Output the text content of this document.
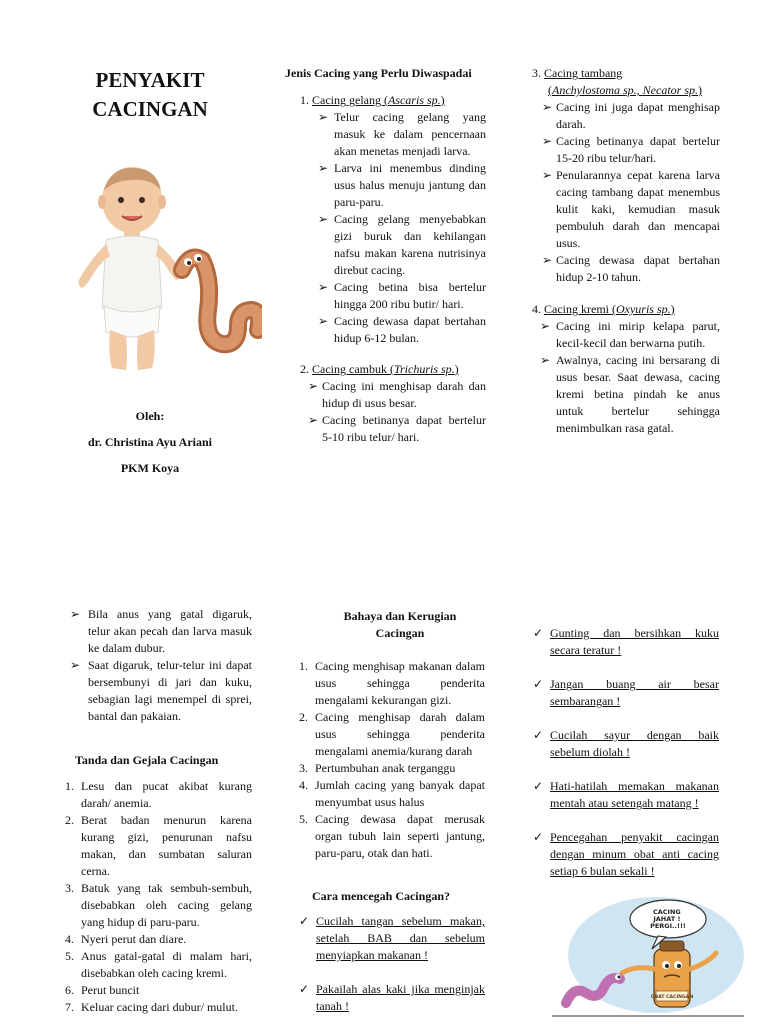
PENYAKIT
CACINGAN
Oleh:
dr. Christina Ayu Ariani
PKM Koya
Jenis Cacing yang Perlu Diwaspadai
1. Cacing gelang (Ascaris sp.)
➢ Telur cacing gelang yang masuk ke dalam pencernaan akan menetas menjadi larva.

➢ Larva ini menembus dinding usus halus menuju jantung dan paru-paru.

➢ Cacing gelang menyebabkan gizi buruk dan kehilangan nafsu makan karena nutrisinya direbut cacing.

➢ Cacing betina bisa bertelur hingga 200 ribu butir/ hari.

➢ Cacing dewasa dapat bertahan hidup 6-12 bulan.

2. Cacing cambuk (Trichuris sp.)
➢ Cacing ini menghisap darah dan hidup di usus besar.

➢ Cacing betinanya dapat bertelur 5-10 ribu telur/ hari.

3. Cacing tambang
(Anchylostoma sp., Necator sp.)
➢ Cacing ini juga dapat menghisap darah.

➢ Cacing betinanya dapat bertelur 15-20 ribu telur/hari.

➢ Penularannya cepat karena larva cacing tambang dapat menembus kulit kaki, kemudian masuk pembuluh darah dan mencapai usus.

➢ Cacing dewasa dapat bertahan hidup 2-10 tahun.

4. Cacing kremi (Oxyuris sp.)
➢ Cacing ini mirip kelapa parut, kecil-kecil dan berwarna putih.

➢ Awalnya, cacing ini bersarang di usus besar. Saat dewasa, cacing kremi betina pindah ke anus untuk bertelur sehingga menimbulkan rasa gatal.

➢ Bila anus yang gatal digaruk, telur akan pecah dan larva masuk ke dalam dubur.

➢ Saat digaruk, telur-telur ini dapat bersembunyi di jari dan kuku, sebagian lagi menempel di sprei, bantal dan pakaian.

Tanda dan Gejala Cacingan
1. Lesu dan pucat akibat kurang darah/ anemia.

2. Berat badan menurun karena kurang gizi, penurunan nafsu makan, dan sumbatan saluran cerna.

3. Batuk yang tak sembuh-sembuh, disebabkan oleh cacing gelang yang hidup di paru-paru.

4. Nyeri perut dan diare.

5. Anus gatal-gatal di malam hari, disebabkan oleh cacing kremi.

6. Perut buncit

7. Keluar cacing dari dubur/ mulut.

Bahaya dan Kerugian
Cacingan
1. Cacing menghisap makanan dalam usus sehingga penderita mengalami kekurangan gizi.

2. Cacing menghisap darah dalam usus sehingga penderita mengalami anemia/kurang darah

3. Pertumbuhan anak terganggu

4. Jumlah cacing yang banyak dapat menyumbat usus halus

5. Cacing dewasa dapat merusak organ tubuh lain seperti jantung, paru-paru, otak dan hati.

Cara mencegah Cacingan?
✓ Cucilah tangan sebelum makan, setelah BAB dan sebelum menyiapkan makanan !

✓ Pakailah alas kaki jika menginjak tanah !

✓ Gunting dan bersihkan kuku secara teratur !

✓ Jangan buang air besar sembarangan !

✓ Cucilah sayur dengan baik sebelum diolah !

✓ Hati-hatilah memakan makanan mentah atau setengah matang !

✓ Pencegahan penyakit cacingan dengan minum obat anti cacing setiap 6 bulan sekali !

CACING JAHAT ! PERGI..!!!
OBAT CACINGAN
